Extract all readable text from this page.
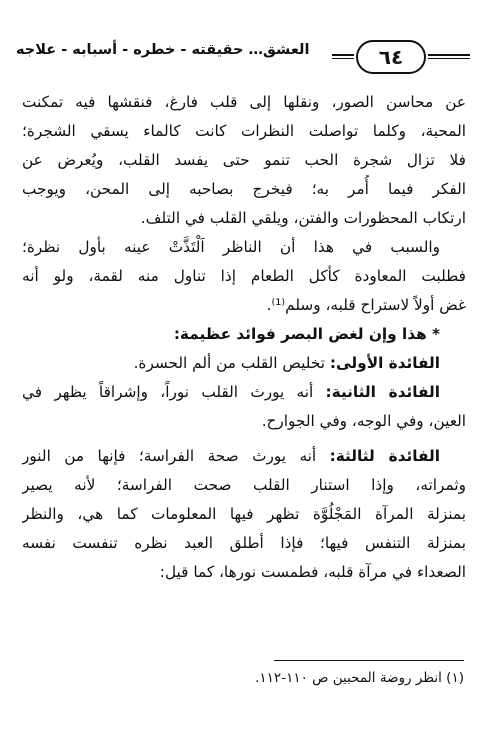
٦٤
العشق… حقيقته - خطره - أسبابه - علاجه
عن محاسن الصور، ونقلها إلى قلب فارغ، فنقشها فيه تمكنت
المحبة، وكلما تواصلت النظرات كانت كالماء يسقي الشجرة؛
فلا تزال شجرة الحب تنمو حتى يفسد القلب، ويُعرض عن
الفكر فيما أُمر به؛ فيخرج بصاحبه إلى المحن، ويوجب
ارتكاب المحظورات والفتن، ويلقي القلب في التلف.
والسبب في هذا أن الناظر اَلْتَذَّتْ عينه بأول نظرة؛
فطلبت المعاودة كأكل الطعام إذا تناول منه لقمة، ولو أنه
غض أولاً لاستراح قلبه، وسلم⁽¹⁾.
* هذا وإن لغض البصر فوائد عظيمة:
الفائدة الأولى: تخليص القلب من ألم الحسرة.
الفائدة الثانية: أنه يورث القلب نوراً، وإشراقاً يظهر في
العين، وفي الوجه، وفي الجوارح.
الفائدة لثالثة: أنه يورث صحة الفراسة؛ فإنها من النور
وثمراته، وإذا استنار القلب صحت الفراسة؛ لأنه يصير
بمنزلة المرآة المَجْلُوَّة تظهر فيها المعلومات كما هي، والنظر
بمنزلة التنفس فيها؛ فإذا أطلق العبد نظره تنفست نفسه
الصعداء في مرآة قلبه، فطمست نورها، كما قيل:
(١) انظر روضة المحبين ص ١١٠-١١٢.
